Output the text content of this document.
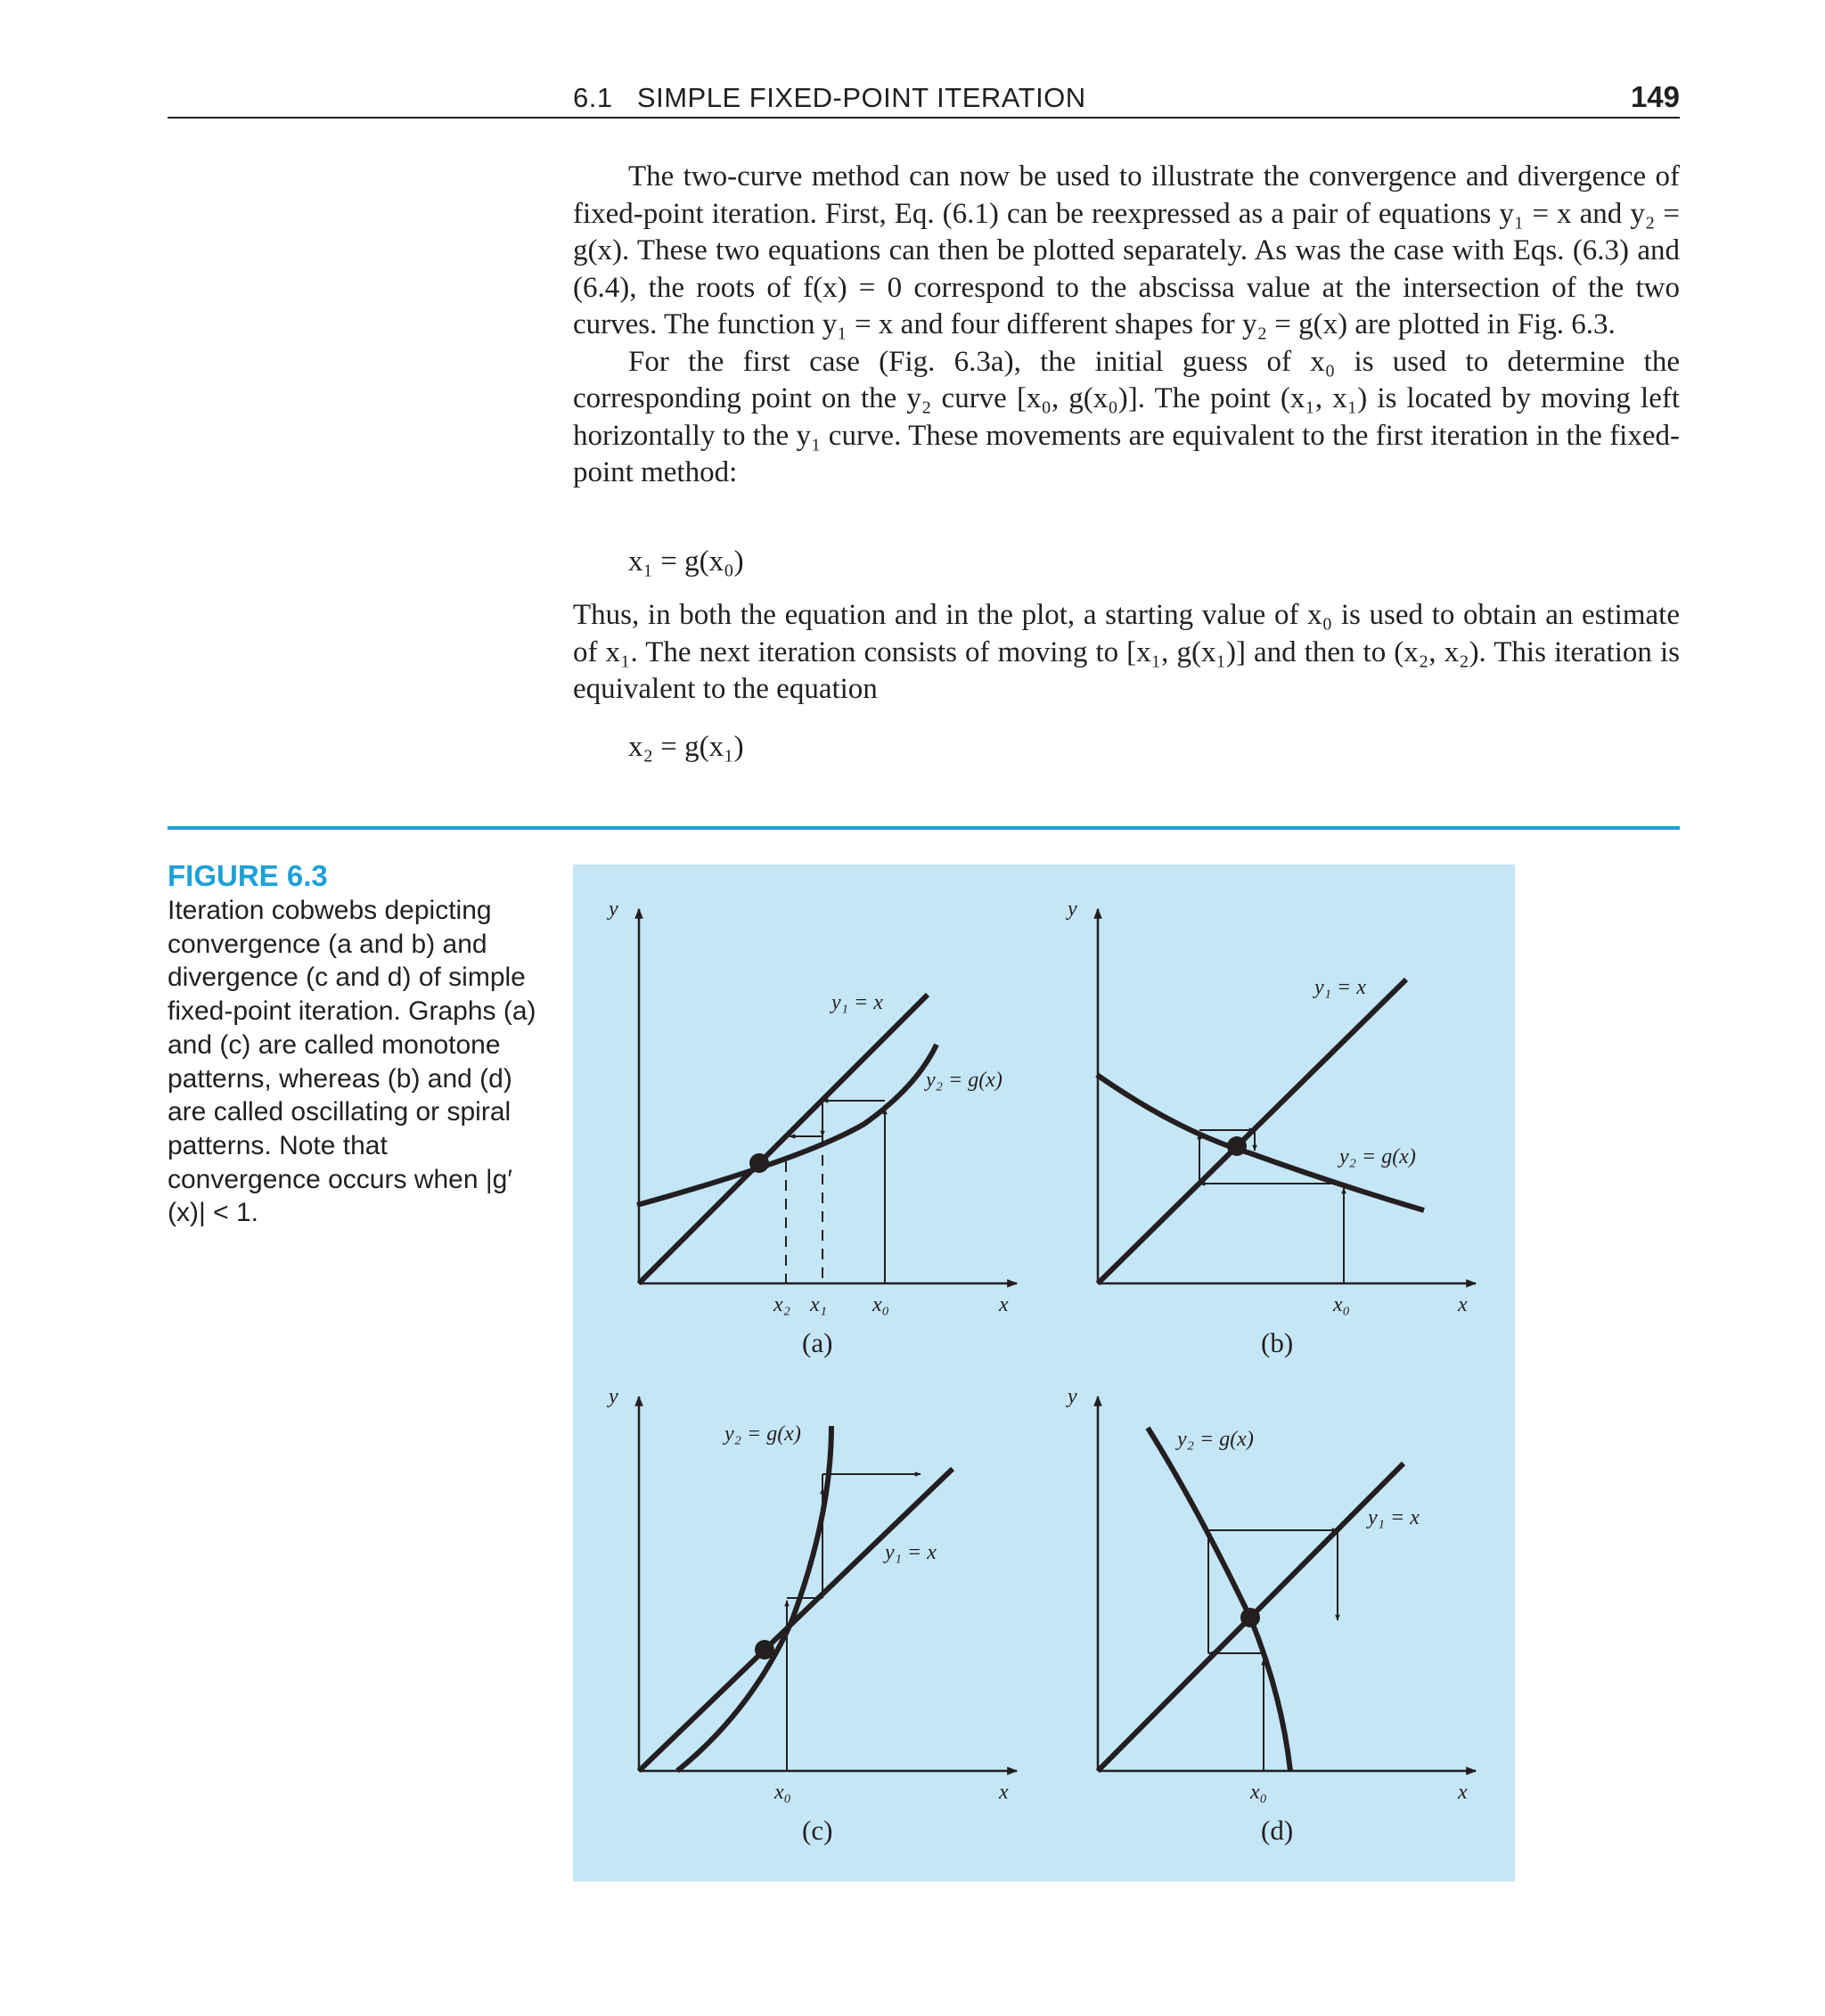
6.1   SIMPLE FIXED-POINT ITERATION	149

The two-curve method can now be used to illustrate the convergence and divergence of fixed-point iteration. First, Eq. (6.1) can be reexpressed as a pair of equations y₁ = x and y₂ = g(x). These two equations can then be plotted separately. As was the case with Eqs. (6.3) and (6.4), the roots of f(x) = 0 correspond to the abscissa value at the intersection of the two curves. The function y₁ = x and four different shapes for y₂ = g(x) are plotted in Fig. 6.3.

For the first case (Fig. 6.3a), the initial guess of x₀ is used to determine the corresponding point on the y₂ curve [x₀, g(x₀)]. The point (x₁, x₁) is located by moving left horizontally to the y₁ curve. These movements are equivalent to the first iteration in the fixed-point method:

x₁ = g(x₀)

Thus, in both the equation and in the plot, a starting value of x₀ is used to obtain an estimate of x₁. The next iteration consists of moving to [x₁, g(x₁)] and then to (x₂, x₂). This iteration is equivalent to the equation

x₂ = g(x₁)
FIGURE 6.3
Iteration cobwebs depicting convergence (a and b) and divergence (c and d) of simple fixed-point iteration. Graphs (a) and (c) are called monotone patterns, whereas (b) and (d) are called oscillating or spiral patterns. Note that convergence occurs when |g′(x)| < 1.
y
x
y₁ = x
y₂ = g(x)
x₂ x₁ x₀
(a)
y
x
y₁ = x
y₂ = g(x)
x₀
(b)
y
x
y₁ = x
y₂ = g(x)
x₀
(c)
y
x
y₁ = x
y₂ = g(x)
x₀
(d)
